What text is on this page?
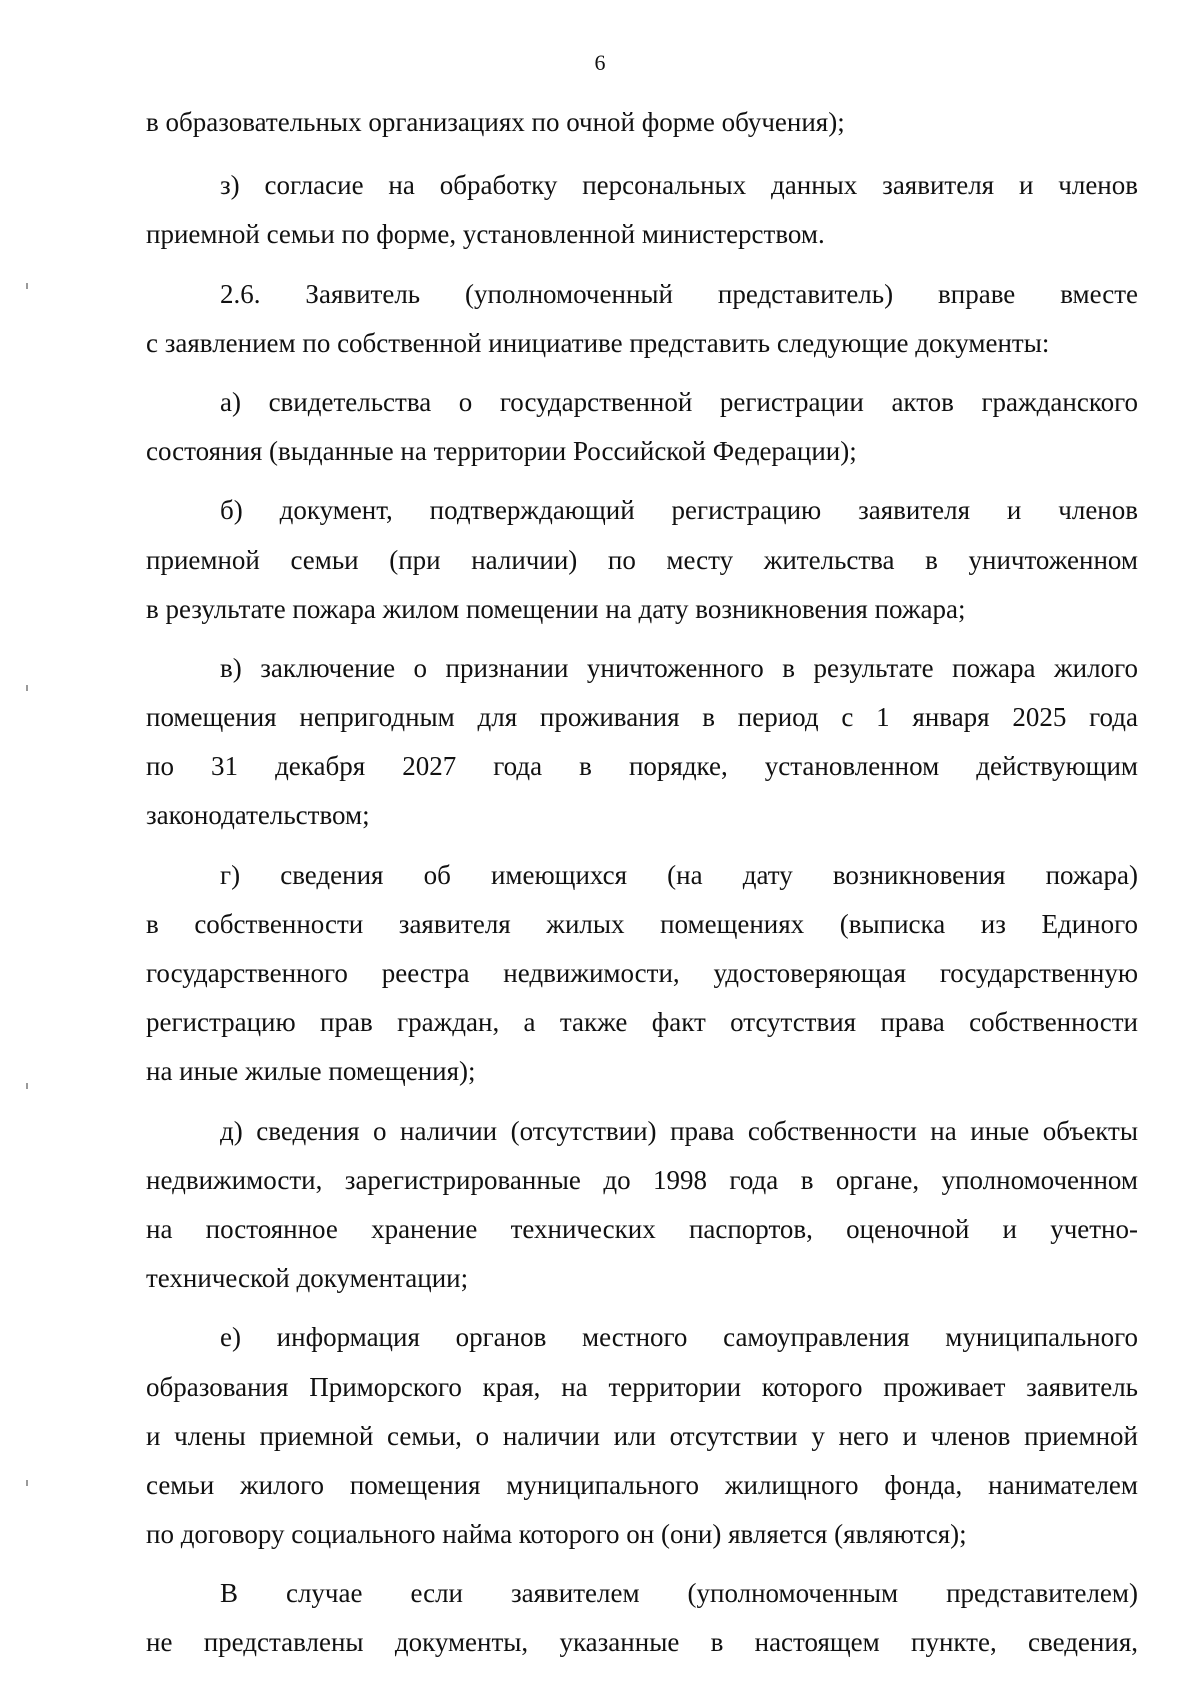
6
в образовательных организациях по очной форме обучения);
з) согласие на обработку персональных данных заявителя и членов
приемной семьи по форме, установленной министерством.
2.6. Заявитель (уполномоченный представитель) вправе вместе
с заявлением по собственной инициативе представить следующие документы:
а) свидетельства о государственной регистрации актов гражданского
состояния (выданные на территории Российской Федерации);
б) документ, подтверждающий регистрацию заявителя и членов
приемной семьи (при наличии) по месту жительства в уничтоженном
в результате пожара жилом помещении на дату возникновения пожара;
в) заключение о признании уничтоженного в результате пожара жилого
помещения непригодным для проживания в период с 1 января 2025 года
по 31 декабря 2027 года в порядке, установленном действующим
законодательством;
г) сведения об имеющихся (на дату возникновения пожара)
в собственности заявителя жилых помещениях (выписка из Единого
государственного реестра недвижимости, удостоверяющая государственную
регистрацию прав граждан, а также факт отсутствия права собственности
на иные жилые помещения);
д) сведения о наличии (отсутствии) права собственности на иные объекты
недвижимости, зарегистрированные до 1998 года в органе, уполномоченном
на постоянное хранение технических паспортов, оценочной и учетно-
технической документации;
е) информация органов местного самоуправления муниципального
образования Приморского края, на территории которого проживает заявитель
и члены приемной семьи, о наличии или отсутствии у него и членов приемной
семьи жилого помещения муниципального жилищного фонда, нанимателем
по договору социального найма которого он (они) является (являются);
В случае если заявителем (уполномоченным представителем)
не представлены документы, указанные в настоящем пункте, сведения,
